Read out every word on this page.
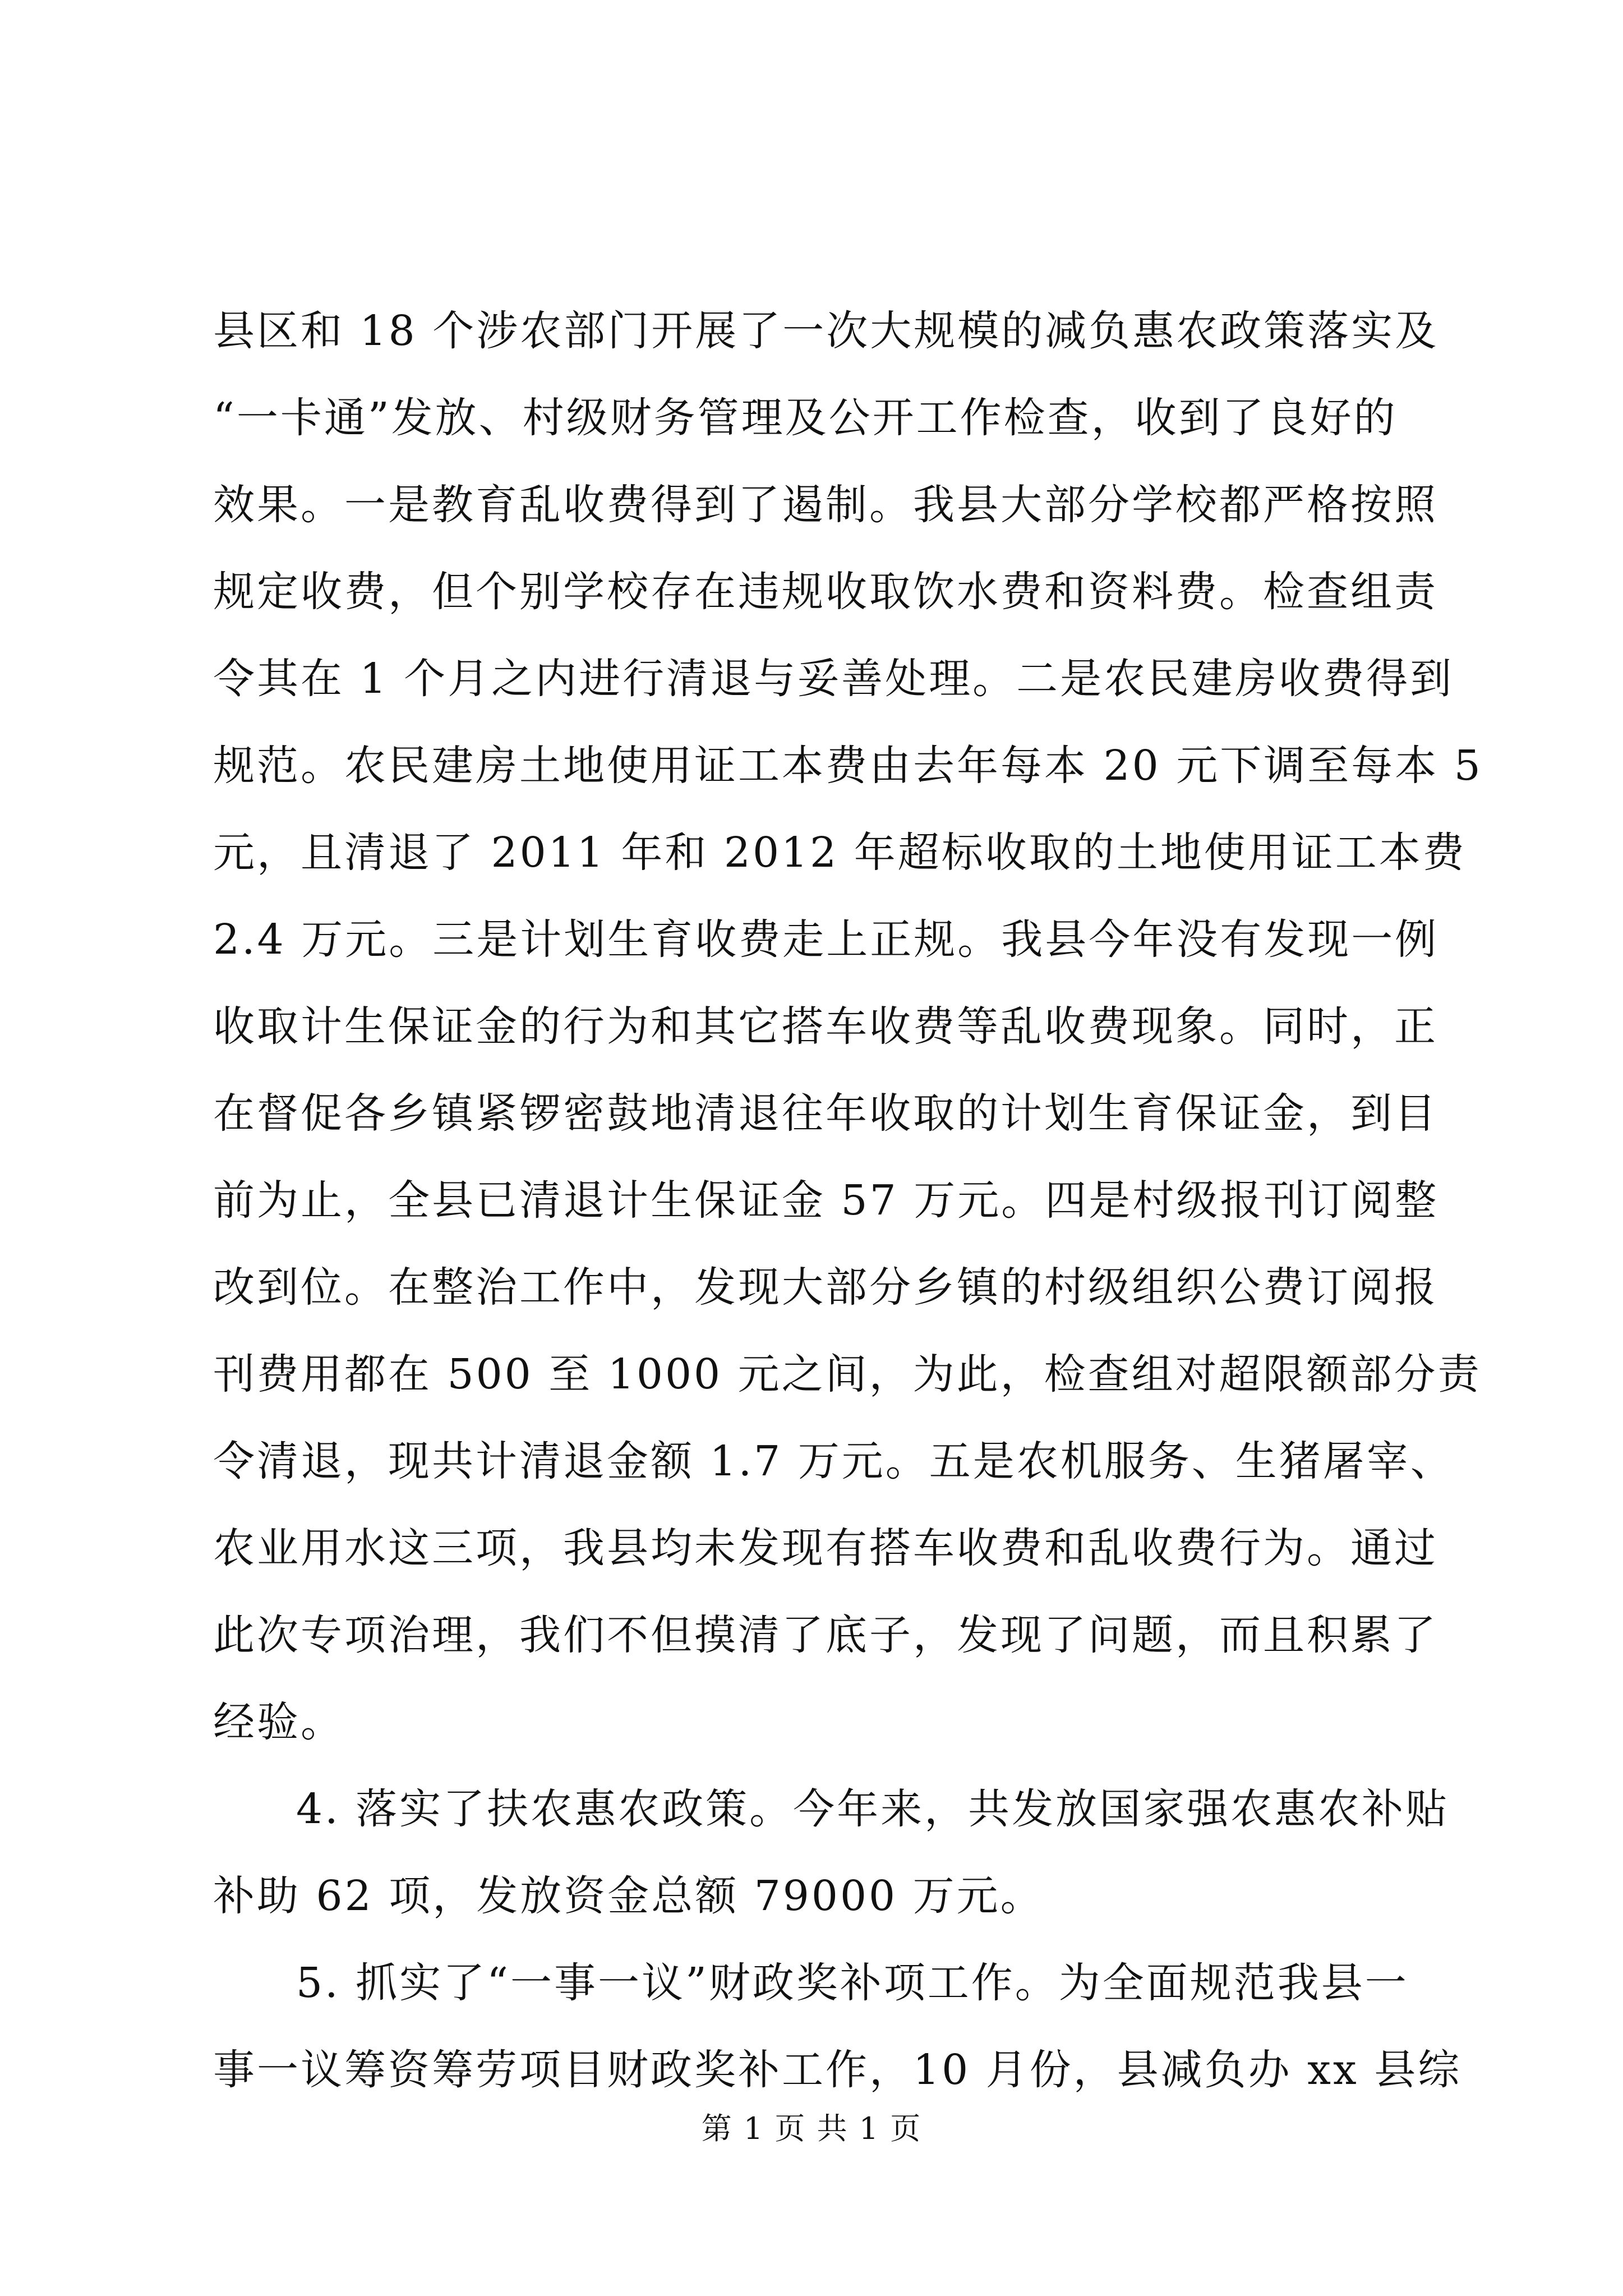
县区和 18 个涉农部门开展了一次大规模的减负惠农政策落实及
“一卡通”发放、村级财务管理及公开工作检查，收到了良好的
效果。一是教育乱收费得到了遏制。我县大部分学校都严格按照
规定收费，但个别学校存在违规收取饮水费和资料费。检查组责
令其在 1 个月之内进行清退与妥善处理。二是农民建房收费得到
规范。农民建房土地使用证工本费由去年每本 20 元下调至每本 5
元，且清退了 2011 年和 2012 年超标收取的土地使用证工本费
2.4 万元。三是计划生育收费走上正规。我县今年没有发现一例
收取计生保证金的行为和其它搭车收费等乱收费现象。同时，正
在督促各乡镇紧锣密鼓地清退往年收取的计划生育保证金，到目
前为止，全县已清退计生保证金 57 万元。四是村级报刊订阅整
改到位。在整治工作中，发现大部分乡镇的村级组织公费订阅报
刊费用都在 500 至 1000 元之间，为此，检查组对超限额部分责
令清退，现共计清退金额 1.7 万元。五是农机服务、生猪屠宰、
农业用水这三项，我县均未发现有搭车收费和乱收费行为。通过
此次专项治理，我们不但摸清了底子，发现了问题，而且积累了
经验。
4. 落实了扶农惠农政策。今年来，共发放国家强农惠农补贴
补助 62 项，发放资金总额 79000 万元。
5. 抓实了“一事一议”财政奖补项工作。为全面规范我县一
事一议筹资筹劳项目财政奖补工作，10 月份，县减负办 xx 县综
第 1 页 共 1 页
